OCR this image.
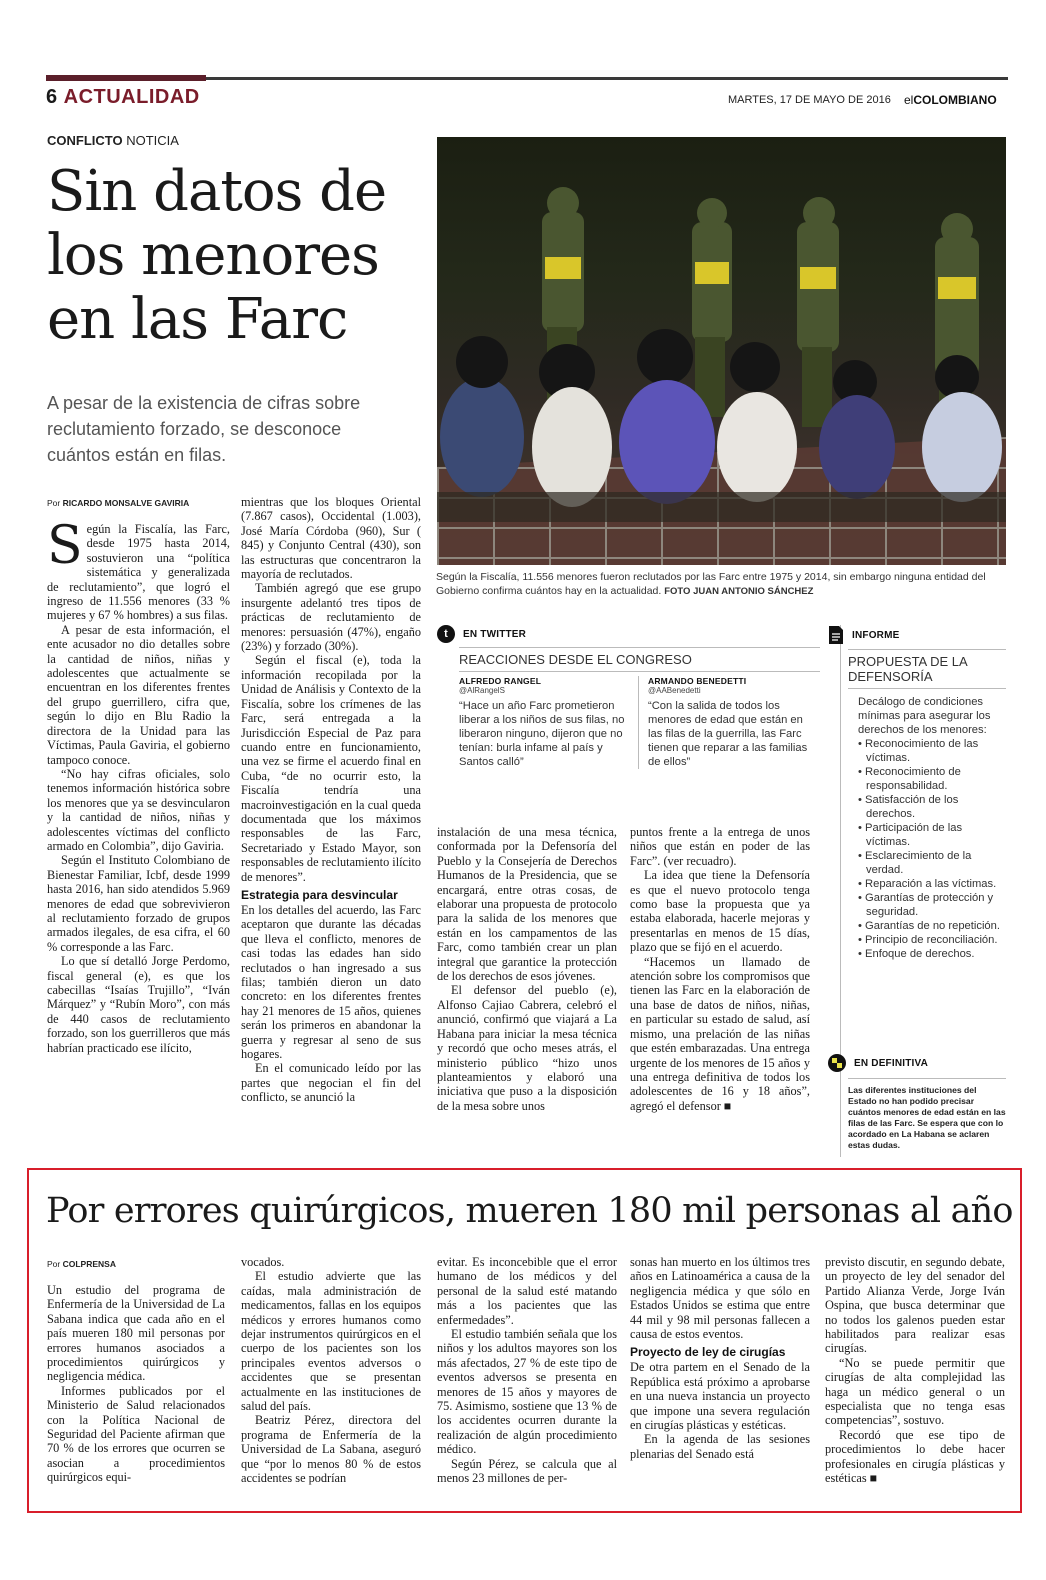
6 ACTUALIDAD	MARTES, 17 DE MAYO DE 2016 elCOLOMBIANO
CONFLICTO NOTICIA
Sin datos de los menores en las Farc
A pesar de la existencia de cifras sobre reclutamiento forzado, se desconoce cuántos están en filas.
Según la Fiscalía, 11.556 menores fueron reclutados por las Farc entre 1975 y 2014, sin embargo ninguna entidad del Gobierno confirma cuántos hay en la actualidad. FOTO JUAN ANTONIO SÁNCHEZ
Por RICARDO MONSALVE GAVIRIA

Según la Fiscalía, las Farc, desde 1975 hasta 2014, sostuvieron una “política sistemática y generalizada de reclutamiento”, que logró el ingreso de 11.556 menores (33 % mujeres y 67 % hombres) a sus filas.

A pesar de esta información, el ente acusador no dio detalles sobre la cantidad de niños, niñas y adolescentes que actualmente se encuentran en los diferentes frentes del grupo guerrillero, cifra que, según lo dijo en Blu Radio la directora de la Unidad para las Víctimas, Paula Gaviria, el gobierno tampoco conoce.

“No hay cifras oficiales, solo tenemos información histórica sobre los menores que ya se desvincularon y la cantidad de niños, niñas y adolescentes víctimas del conflicto armado en Colombia”, dijo Gaviria.

Según el Instituto Colombiano de Bienestar Familiar, Icbf, desde 1999 hasta 2016, han sido atendidos 5.969 menores de edad que sobrevivieron al reclutamiento forzado de grupos armados ilegales, de esa cifra, el 60 % corresponde a las Farc.

Lo que sí detalló Jorge Perdomo, fiscal general (e), es que los cabecillas “Isaías Trujillo”, “Iván Márquez” y “Rubín Moro”, con más de 440 casos de reclutamiento forzado, son los guerrilleros que más habrían practicado ese ilícito,

mientras que los bloques Oriental (7.867 casos), Occidental (1.003), José María Córdoba (960), Sur ( 845) y Conjunto Central (430), son las estructuras que concentraron la mayoría de reclutados.

También agregó que ese grupo insurgente adelantó tres tipos de prácticas de reclutamiento de menores: persuasión (47%), engaño (23%) y forzado (30%).

Según el fiscal (e), toda la información recopilada por la Unidad de Análisis y Contexto de la Fiscalía, sobre los crímenes de las Farc, será entregada a la Jurisdicción Especial de Paz para cuando entre en funcionamiento, una vez se firme el acuerdo final en Cuba, “de no ocurrir esto, la Fiscalía tendría una macroinvestigación en la cual queda documentada que los máximos responsables de las Farc, Secretariado y Estado Mayor, son responsables de reclutamiento ilícito de menores”.

Estrategia para desvincular

En los detalles del acuerdo, las Farc aceptaron que durante las décadas que lleva el conflicto, menores de casi todas las edades han sido reclutados o han ingresado a sus filas; también dieron un dato concreto: en los diferentes frentes hay 21 menores de 15 años, quienes serán los primeros en abandonar la guerra y regresar al seno de sus hogares.

En el comunicado leído por las partes que negocian el fin del conflicto, se anunció la

t	EN TWITTER
REACCIONES DESDE EL CONGRESO
ALFREDO RANGEL
@AlRangelS
“Hace un año Farc prometieron liberar a los niños de sus filas, no liberaron ninguno, dijeron que no tenían: burla infame al país y Santos calló”
ARMANDO BENEDETTI
@AABenedetti
“Con la salida de todos los menores de edad que están en las filas de la guerrilla, las Farc tienen que reparar a las familias de ellos”

instalación de una mesa técnica, conformada por la Defensoría del Pueblo y la Consejería de Derechos Humanos de la Presidencia, que se encargará, entre otras cosas, de elaborar una propuesta de protocolo para la salida de los menores que están en los campamentos de las Farc, como también crear un plan integral que garantice la protección de los derechos de esos jóvenes.

El defensor del pueblo (e), Alfonso Cajiao Cabrera, celebró el anunció, confirmó que viajará a La Habana para iniciar la mesa técnica y recordó que ocho meses atrás, el ministerio público “hizo unos planteamientos y elaboró una iniciativa que puso a la disposición de la mesa sobre unos

puntos frente a la entrega de unos niños que están en poder de las Farc”. (ver recuadro).

La idea que tiene la Defensoría es que el nuevo protocolo tenga como base la propuesta que ya estaba elaborada, hacerle mejoras y presentarlas en menos de 15 días, plazo que se fijó en el acuerdo.

“Hacemos un llamado de atención sobre los compromisos que tienen las Farc en la elaboración de una base de datos de niños, niñas, en particular su estado de salud, así mismo, una prelación de las niñas que estén embarazadas. Una entrega urgente de los menores de 15 años y una entrega definitiva de todos los adolescentes de 16 y 18 años”, agregó el defensor ■

INFORME
PROPUESTA DE LA DEFENSORÍA
Decálogo de condiciones mínimas para asegurar los derechos de los menores:
• Reconocimiento de las víctimas.
• Reconocimiento de responsabilidad.
• Satisfacción de los derechos.
• Participación de las víctimas.
• Esclarecimiento de la verdad.
• Reparación a las víctimas.
• Garantías de protección y seguridad.
• Garantías de no repetición.
• Principio de reconciliación.
• Enfoque de derechos.
EN DEFINITIVA
Las diferentes instituciones del Estado no han podido precisar cuántos menores de edad están en las filas de las Farc. Se espera que con lo acordado en La Habana se aclaren estas dudas.
Por errores quirúrgicos, mueren 180 mil personas al año
Por COLPRENSA

Un estudio del programa de Enfermería de la Universidad de La Sabana indica que cada año en el país mueren 180 mil personas por errores humanos asociados a procedimientos quirúrgicos y negligencia médica.

Informes publicados por el Ministerio de Salud relacionados con la Política Nacional de Seguridad del Paciente afirman que 70 % de los errores que ocurren se asocian a procedimientos quirúrgicos equi-

vocados.

El estudio advierte que las caídas, mala administración de medicamentos, fallas en los equipos médicos y errores humanos como dejar instrumentos quirúrgicos en el cuerpo de los pacientes son los principales eventos adversos o accidentes que se presentan actualmente en las instituciones de salud del país.

Beatriz Pérez, directora del programa de Enfermería de la Universidad de La Sabana, aseguró que “por lo menos 80 % de estos accidentes se podrían

evitar. Es inconcebible que el error humano de los médicos y del personal de la salud esté matando más a los pacientes que las enfermedades”.

El estudio también señala que los niños y los adultos mayores son los más afectados, 27 % de este tipo de eventos adversos se presenta en menores de 15 años y mayores de 75. Asimismo, sostiene que 13 % de los accidentes ocurren durante la realización de algún procedimiento médico.

Según Pérez, se calcula que al menos 23 millones de per-

sonas han muerto en los últimos tres años en Latinoamérica a causa de la negligencia médica y que sólo en Estados Unidos se estima que entre 44 mil y 98 mil personas fallecen a causa de estos eventos.

Proyecto de ley de cirugías

De otra partem en el Senado de la República está próximo a aprobarse en una nueva instancia un proyecto que impone una severa regulación en cirugías plásticas y estéticas.

En la agenda de las sesiones plenarias del Senado está

previsto discutir, en segundo debate, un proyecto de ley del senador del Partido Alianza Verde, Jorge Iván Ospina, que busca determinar que no todos los galenos pueden estar habilitados para realizar esas cirugías.

“No se puede permitir que cirugías de alta complejidad las haga un médico general o un especialista que no tenga esas competencias”, sostuvo.

Recordó que ese tipo de procedimientos lo debe hacer profesionales en cirugía plásticas y estéticas ■
